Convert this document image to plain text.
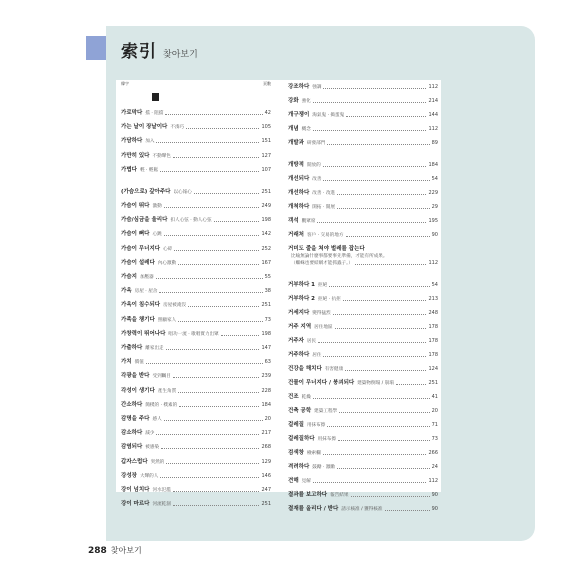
索引 찾아보기
韓字	頁數
가로막다 擋 · 阻擋	42
가는 날이 장날이다 不湊巧	105
가담하다 加入	151
가만히 있다 不動聲色	127
가볍다 輕 · 輕鬆	107
(가슴으로) 갚아주다 以心報心	251
가슴이 뛰다 激動	249
가슴/심금을 울리다 扣人心弦 · 動人心弦	198
가슴이 뻐다 心跳	142
가슴이 무너지다 心碎	252
가슴이 설레다 內心激動	167
가슴지 加壓器	55
가옥 房屋 · 屋舍	38
가옥이 침수되다 房屋被淹沒	251
가족을 챙기다 照顧家人	73
가창력이 뛰어나다 唱功一流 · 歌唱實力出眾	198
가출하다 離家出走	147
가치 價值	63
각광을 받다 受到矚目	239
각성이 생기다 產生角質	228
간소하다 簡樸的 · 樸素的	184
감명을 주다 感人	20
감소하다 減少	217
감염되다 被感染	268
갑자스럽다 突然的	129
강성장 大聲的人	146
강이 넘치다 河水氾濫	247
강이 마르다 河流乾涸	251
강조하다 強調	112
강화 強化	214
개구쟁이 淘氣鬼 · 搗蛋鬼	144
개념 概念	112
개발과 研發部門	89
개방적 開放的	184
개선되다 改善	54
개선하다 改善 · 改進	229
개척하다 開拓 · 開展	29
객석 觀眾席	195
거래처 客戶 · 交易的地方	90
거미도 줄을 쳐야 벌레를 잡는다
比喻無論什麼事都要事先準備，才能有所成果。
（蜘蛛也要結網才能抓蟲子。）	112
거부하다 1 拒絕	54
거부하다 2 拒絕 · 抗拒	213
거세지다 變得猛烈	248
거주 지역 居住地區	178
거주자 居民	178
거주하다 居住	178
건강을 해치다 有害健康	124
건물이 무너지다 / 붕괴되다 建築物倒塌 / 崩塌	251
건조 乾燥	41
건축 공학 建築工程學	20
걸레질 用抹布擦	71
걸레질하다 用抹布擦	73
검색창 檢索欄	266
격려하다 鼓勵 · 激勵	24
견해 見解	112
결과를 보고하다 報告結果	90
결재를 올리다 / 받다 請示核准 / 獲得核准	90
288 찾아보기
